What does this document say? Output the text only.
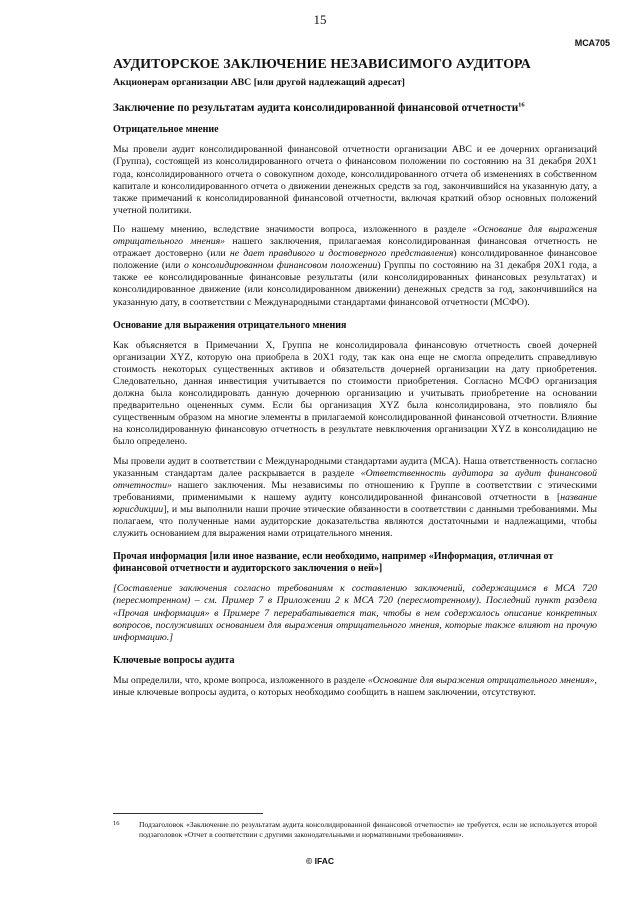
15
МСА705
АУДИТОРСКОЕ ЗАКЛЮЧЕНИЕ НЕЗАВИСИМОГО АУДИТОРА
Акционерам организации ABC [или другой надлежащий адресат]
Заключение по результатам аудита консолидированной финансовой отчетности$^{16}$
Отрицательное мнение

Мы провели аудит консолидированной финансовой отчетности организации ABC и ее дочерних организаций (Группа), состоящей из консолидированного отчета о финансовом положении по состоянию на 31 декабря 20X1 года, консолидированного отчета о совокупном доходе, консолидированного отчета об изменениях в собственном капитале и консолидированного отчета о движении денежных средств за год, закончившийся на указанную дату, а также примечаний к консолидированной финансовой отчетности, включая краткий обзор основных положений учетной политики.

По нашему мнению, вследствие значимости вопроса, изложенного в разделе «Основание для выражения отрицательного мнения» нашего заключения, прилагаемая консолидированная финансовая отчетность не отражает достоверно (или не дает правдивого и достоверного представления) консолидированное финансовое положение (или о консолидированном финансовом положении) Группы по состоянию на 31 декабря 20X1 года, а также ее консолидированные финансовые результаты (или консолидированных финансовых результатах) и консолидированное движение (или консолидированном движении) денежных средств за год, закончившийся на указанную дату, в соответствии с Международными стандартами финансовой отчетности (МСФО).

Основание для выражения отрицательного мнения

Как объясняется в Примечании X, Группа не консолидировала финансовую отчетность своей дочерней организации XYZ, которую она приобрела в 20X1 году, так как она еще не смогла определить справедливую стоимость некоторых существенных активов и обязательств дочерней организации на дату приобретения. Следовательно, данная инвестиция учитывается по стоимости приобретения. Согласно МСФО организация должна была консолидировать данную дочернюю организацию и учитывать приобретение на основании предварительно оцененных сумм. Если бы организация XYZ была консолидирована, это повлияло бы существенным образом на многие элементы в прилагаемой консолидированной финансовой отчетности. Влияние на консолидированную финансовую отчетность в результате невключения организации XYZ в консолидацию не было определено.

Мы провели аудит в соответствии с Международными стандартами аудита (МСА). Наша ответственность согласно указанным стандартам далее раскрывается в разделе «Ответственность аудитора за аудит финансовой отчетности» нашего заключения. Мы независимы по отношению к Группе в соответствии с этическими требованиями, применимыми к нашему аудиту консолидированной финансовой отчетности в [название юрисдикции], и мы выполнили наши прочие этические обязанности в соответствии с данными требованиями. Мы полагаем, что полученные нами аудиторские доказательства являются достаточными и надлежащими, чтобы служить основанием для выражения нами отрицательного мнения.

Прочая информация [или иное название, если необходимо, например «Информация, отличная от финансовой отчетности и аудиторского заключения о ней»]

[Составление заключения согласно требованиям к составлению заключений, содержащимся в МСА 720 (пересмотренном) – см. Пример 7 в Приложении 2 к МСА 720 (пересмотренному). Последний пункт раздела «Прочая информация» в Примере 7 перерабатывается так, чтобы в нем содержалось описание конкретных вопросов, послуживших основанием для выражения отрицательного мнения, которые также влияют на прочую информацию.]

Ключевые вопросы аудита

Мы определили, что, кроме вопроса, изложенного в разделе «Основание для выражения отрицательного мнения», иные ключевые вопросы аудита, о которых необходимо сообщить в нашем заключении, отсутствуют.

16	Подзаголовок «Заключение по результатам аудита консолидированной финансовой отчетности» не требуется, если не используется второй подзаголовок «Отчет в соответствии с другими законодательными и нормативными требованиями».
© IFAC
